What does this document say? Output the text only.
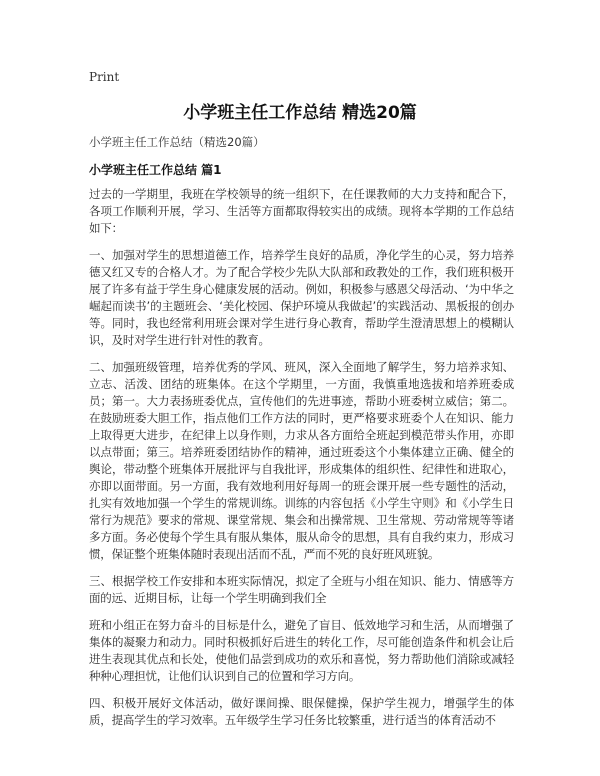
Print
小学班主任工作总结 精选20篇
小学班主任工作总结（精选20篇）
小学班主任工作总结 篇1

过去的一学期里，我班在学校领导的统一组织下，在任课教师的大力支持和配合下，各项工作顺利开展，学习、生活等方面都取得较实出的成绩。现将本学期的工作总结如下：

一、加强对学生的思想道德工作，培养学生良好的品质，净化学生的心灵，努力培养德又红又专的合格人才。为了配合学校少先队大队部和政教处的工作，我们班积极开展了许多有益于学生身心健康发展的活动。例如，积极参与感恩父母活动、‘为中华之崛起而读书’的主题班会、‘美化校园、保护环境从我做起’的实践活动、黑板报的创办等。同时，我也经常利用班会课对学生进行身心教育，帮助学生澄清思想上的模糊认识，及时对学生进行针对性的教育。

二、加强班级管理，培养优秀的学风、班风，深入全面地了解学生，努力培养求知、立志、活泼、团结的班集体。在这个学期里，一方面，我慎重地选拔和培养班委成员；第一。大力表扬班委优点，宣传他们的先进事迹，帮助小班委树立威信；第二。在鼓励班委大胆工作，指点他们工作方法的同时，更严格要求班委个人在知识、能力上取得更大进步，在纪律上以身作则，力求从各方面给全班起到模范带头作用，亦即以点带面；第三。培养班委团结协作的精神，通过班委这个小集体建立正确、健全的舆论，带动整个班集体开展批评与自我批评，形成集体的组织性、纪律性和进取心，亦即以面带面。另一方面，我有效地利用好每周一的班会课开展一些专题性的活动，扎实有效地加强一个学生的常规训练。训练的内容包括《小学生守则》和《小学生日常行为规范》要求的常规、课堂常规、集会和出操常规、卫生常规、劳动常规等等诸多方面。务必使每个学生具有服从集体，服从命令的思想，具有自我约束力，形成习惯，保证整个班集体随时表现出活而不乱，严而不死的良好班风班貌。

三、根据学校工作安排和本班实际情况，拟定了全班与小组在知识、能力、情感等方面的远、近期目标，让每一个学生明确到我们全

班和小组正在努力奋斗的目标是什么，避免了盲目、低效地学习和生活，从而增强了集体的凝聚力和动力。同时积极抓好后进生的转化工作，尽可能创造条件和机会让后进生表现其优点和长处，使他们品尝到成功的欢乐和喜悦，努力帮助他们消除或减轻种种心理担忧，让他们认识到自己的位置和学习方向。

四、积极开展好文体活动，做好课间操、眼保健操，保护学生视力，增强学生的体质，提高学生的学习效率。五年级学生学习任务比较繁重，进行适当的体育活动不
